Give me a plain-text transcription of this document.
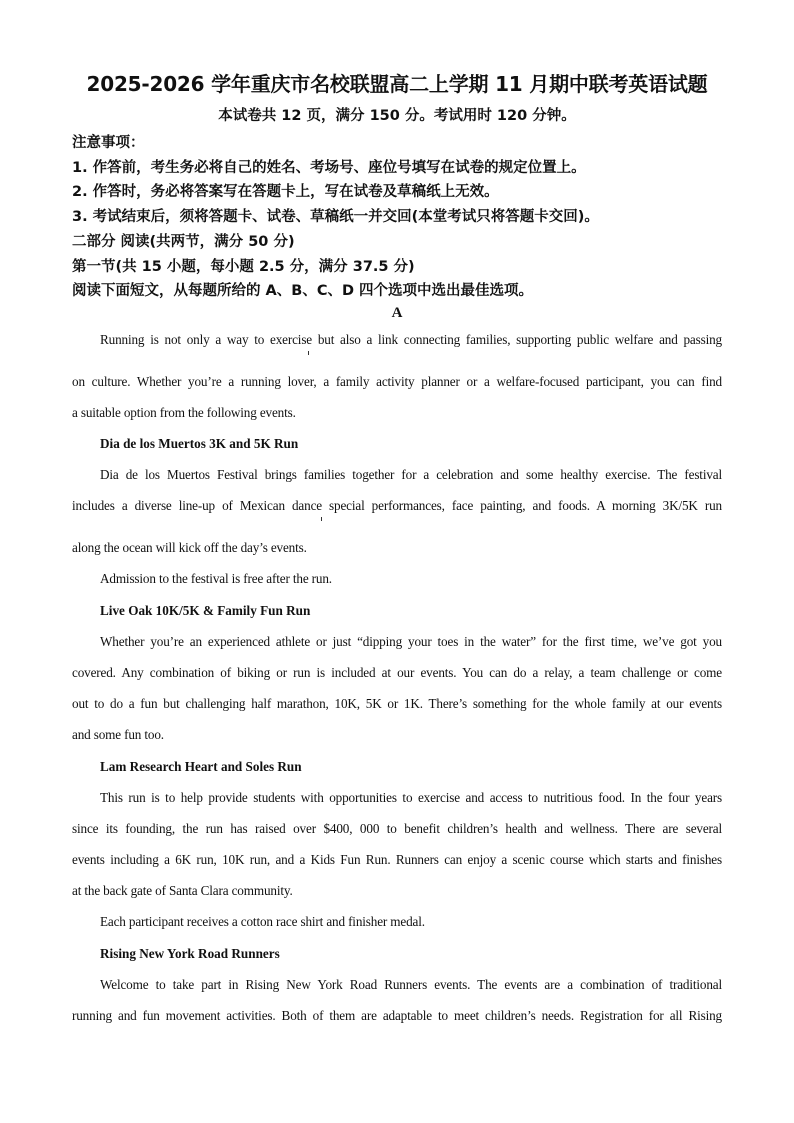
2025-2026 学年重庆市名校联盟高二上学期 11 月期中联考英语试题
本试卷共 12 页，满分 150 分。考试用时 120 分钟。
注意事项：
1. 作答前，考生务必将自己的姓名、考场号、座位号填写在试卷的规定位置上。
2. 作答时，务必将答案写在答题卡上，写在试卷及草稿纸上无效。
3. 考试结束后，须将答题卡、试卷、草稿纸一并交回(本堂考试只将答题卡交回)。
二部分 阅读(共两节，满分 50 分)
第一节(共 15 小题，每小题 2.5 分，满分 37.5 分)
阅读下面短文，从每题所给的 A、B、C、D 四个选项中选出最佳选项。
A
Running is not only a way to exercise but also a link connecting families, supporting public welfare and passing
on culture. Whether you’re a running lover, a family activity planner or a welfare-focused participant, you can find
a suitable option from the following events.
Dia de los Muertos 3K and 5K Run
Dia de los Muertos Festival brings families together for a celebration and some healthy exercise. The festival
includes a diverse line-up of Mexican dance special performances, face painting, and foods. A morning 3K/5K run
along the ocean will kick off the day’s events.
Admission to the festival is free after the run.
Live Oak 10K/5K & Family Fun Run
Whether you’re an experienced athlete or just “dipping your toes in the water” for the first time, we’ve got you
covered. Any combination of biking or run is included at our events. You can do a relay, a team challenge or come
out to do a fun but challenging half marathon, 10K, 5K or 1K. There’s something for the whole family at our events
and some fun too.
Lam Research Heart and Soles Run
This run is to help provide students with opportunities to exercise and access to nutritious food. In the four years
since its founding, the run has raised over $400, 000 to benefit children’s health and wellness. There are several
events including a 6K run, 10K run, and a Kids Fun Run. Runners can enjoy a scenic course which starts and finishes
at the back gate of Santa Clara community.
Each participant receives a cotton race shirt and finisher medal.
Rising New York Road Runners
Welcome to take part in Rising New York Road Runners events. The events are a combination of traditional
running and fun movement activities. Both of them are adaptable to meet children’s needs. Registration for all Rising
